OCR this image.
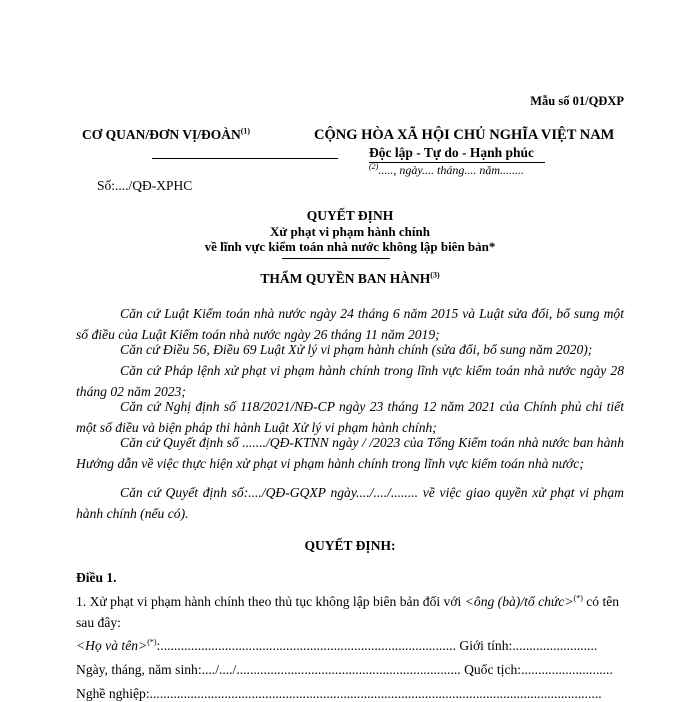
Mẫu số 01/QĐXP
CƠ QUAN/ĐƠN VỊ/ĐOÀN$^{(1)}$	CỘNG HÒA XÃ HỘI CHỦ NGHĨA VIỆT NAM
Độc lập - Tự do - Hạnh phúc
$^{(2)}$....., ngày.... tháng.... năm........
Số:..../QĐ-XPHC
QUYẾT ĐỊNH
Xử phạt vi phạm hành chính
về lĩnh vực kiểm toán nhà nước không lập biên bản*
THẨM QUYỀN BAN HÀNH$^{(3)}$
Căn cứ Luật Kiểm toán nhà nước ngày 24 tháng 6 năm 2015 và Luật sửa đổi, bổ sung một số điều của Luật Kiểm toán nhà nước ngày 26 tháng 11 năm 2019;
Căn cứ Điều 56, Điều 69 Luật Xử lý vi phạm hành chính (sửa đổi, bổ sung năm 2020);
Căn cứ Pháp lệnh xử phạt vi phạm hành chính trong lĩnh vực kiểm toán nhà nước ngày 28 tháng 02 năm 2023;
Căn cứ Nghị định số 118/2021/NĐ-CP ngày 23 tháng 12 năm 2021 của Chính phủ chi tiết một số điều và biện pháp thi hành Luật Xử lý vi phạm hành chính;
Căn cứ Quyết định số ......./QĐ-KTNN ngày / /2023 của Tổng Kiểm toán nhà nước ban hành Hướng dẫn về việc thực hiện xử phạt vi phạm hành chính trong lĩnh vực kiểm toán nhà nước;
Căn cứ Quyết định số:..../QĐ-GQXP ngày..../..../........ về việc giao quyền xử phạt vi phạm hành chính (nếu có).
QUYẾT ĐỊNH:
Điều 1.
1. Xử phạt vi phạm hành chính theo thủ tục không lập biên bản đối với <ông (bà)/tổ chức>(*) có tên sau đây:
<Họ và tên>(*):....................................................................................... Giới tính:.........................
Ngày, tháng, năm sinh:..../..../.................................................................. Quốc tịch:...........................
Nghề nghiệp:.....................................................................................................................................
